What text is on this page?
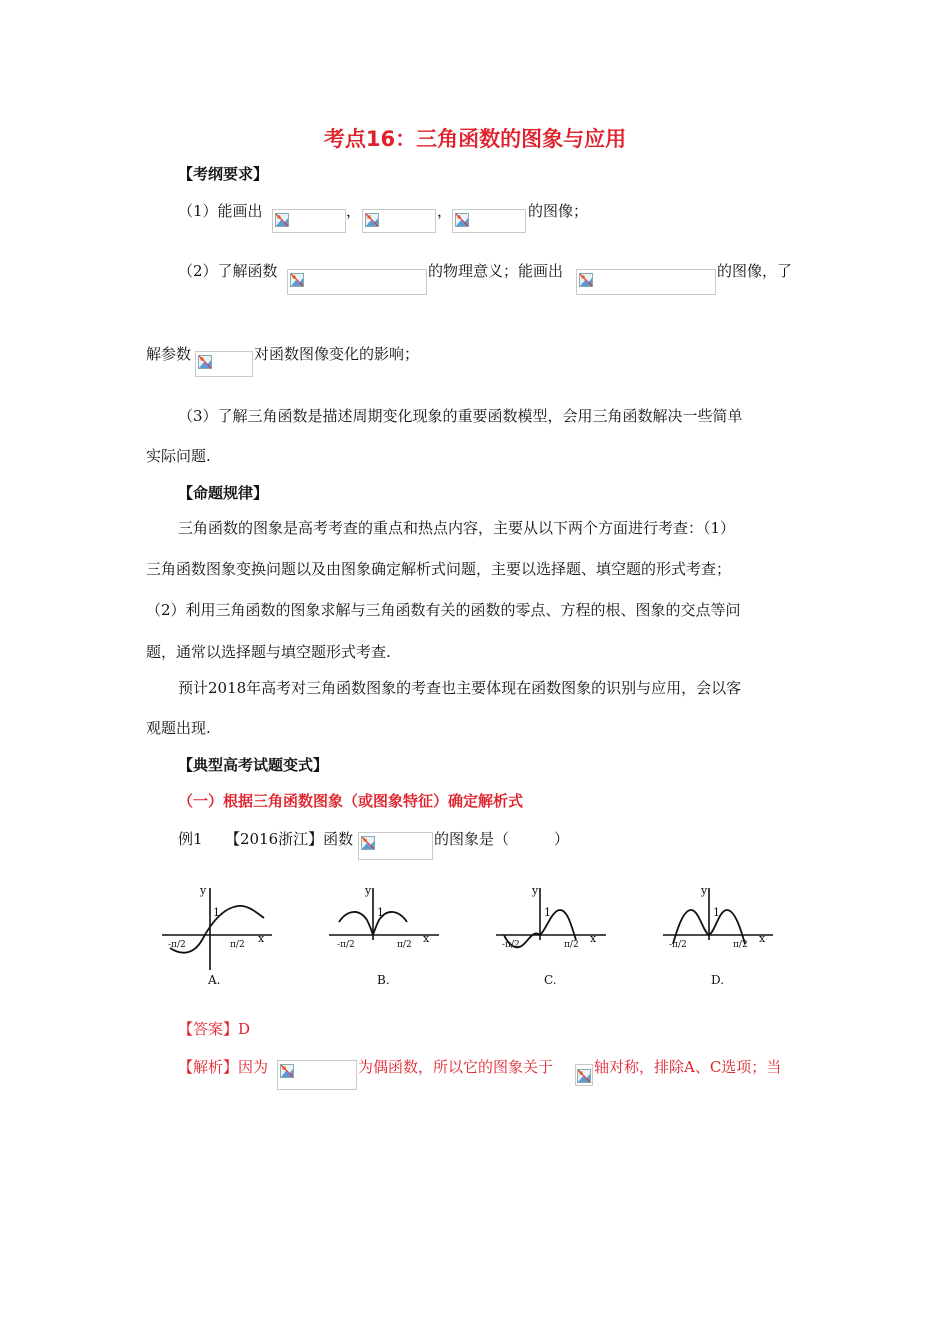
考点16：三角函数的图象与应用
【考纲要求】
（1）能画出	，	，	的图像；
（2）了解函数	的物理意义；能画出	的图像，了
解参数	对函数图像变化的影响；
（3）了解三角函数是描述周期变化现象的重要函数模型，会用三角函数解决一些简单
实际问题.
【命题规律】
三角函数的图象是高考考查的重点和热点内容，主要从以下两个方面进行考查：（1）
三角函数图象变换问题以及由图象确定解析式问题，主要以选择题、填空题的形式考查；
（2）利用三角函数的图象求解与三角函数有关的函数的零点、方程的根、图象的交点等问
题，通常以选择题与填空题形式考查.
预计2018年高考对三角函数图象的考查也主要体现在函数图象的识别与应用，会以客
观题出现.
【典型高考试题变式】
（一）根据三角函数图象（或图象特征）确定解析式
例1 【2016浙江】函数	的图象是（　　　）
y
x
1
-π/2	π/2
A.
y
x
1
-π/2	π/2
B.
y
x
1
-π/2	π/2
C.
y
x
1
-π/2	π/2
D.
【答案】D
【解析】因为	为偶函数，所以它的图象关于	轴对称，排除A、C选项；当
